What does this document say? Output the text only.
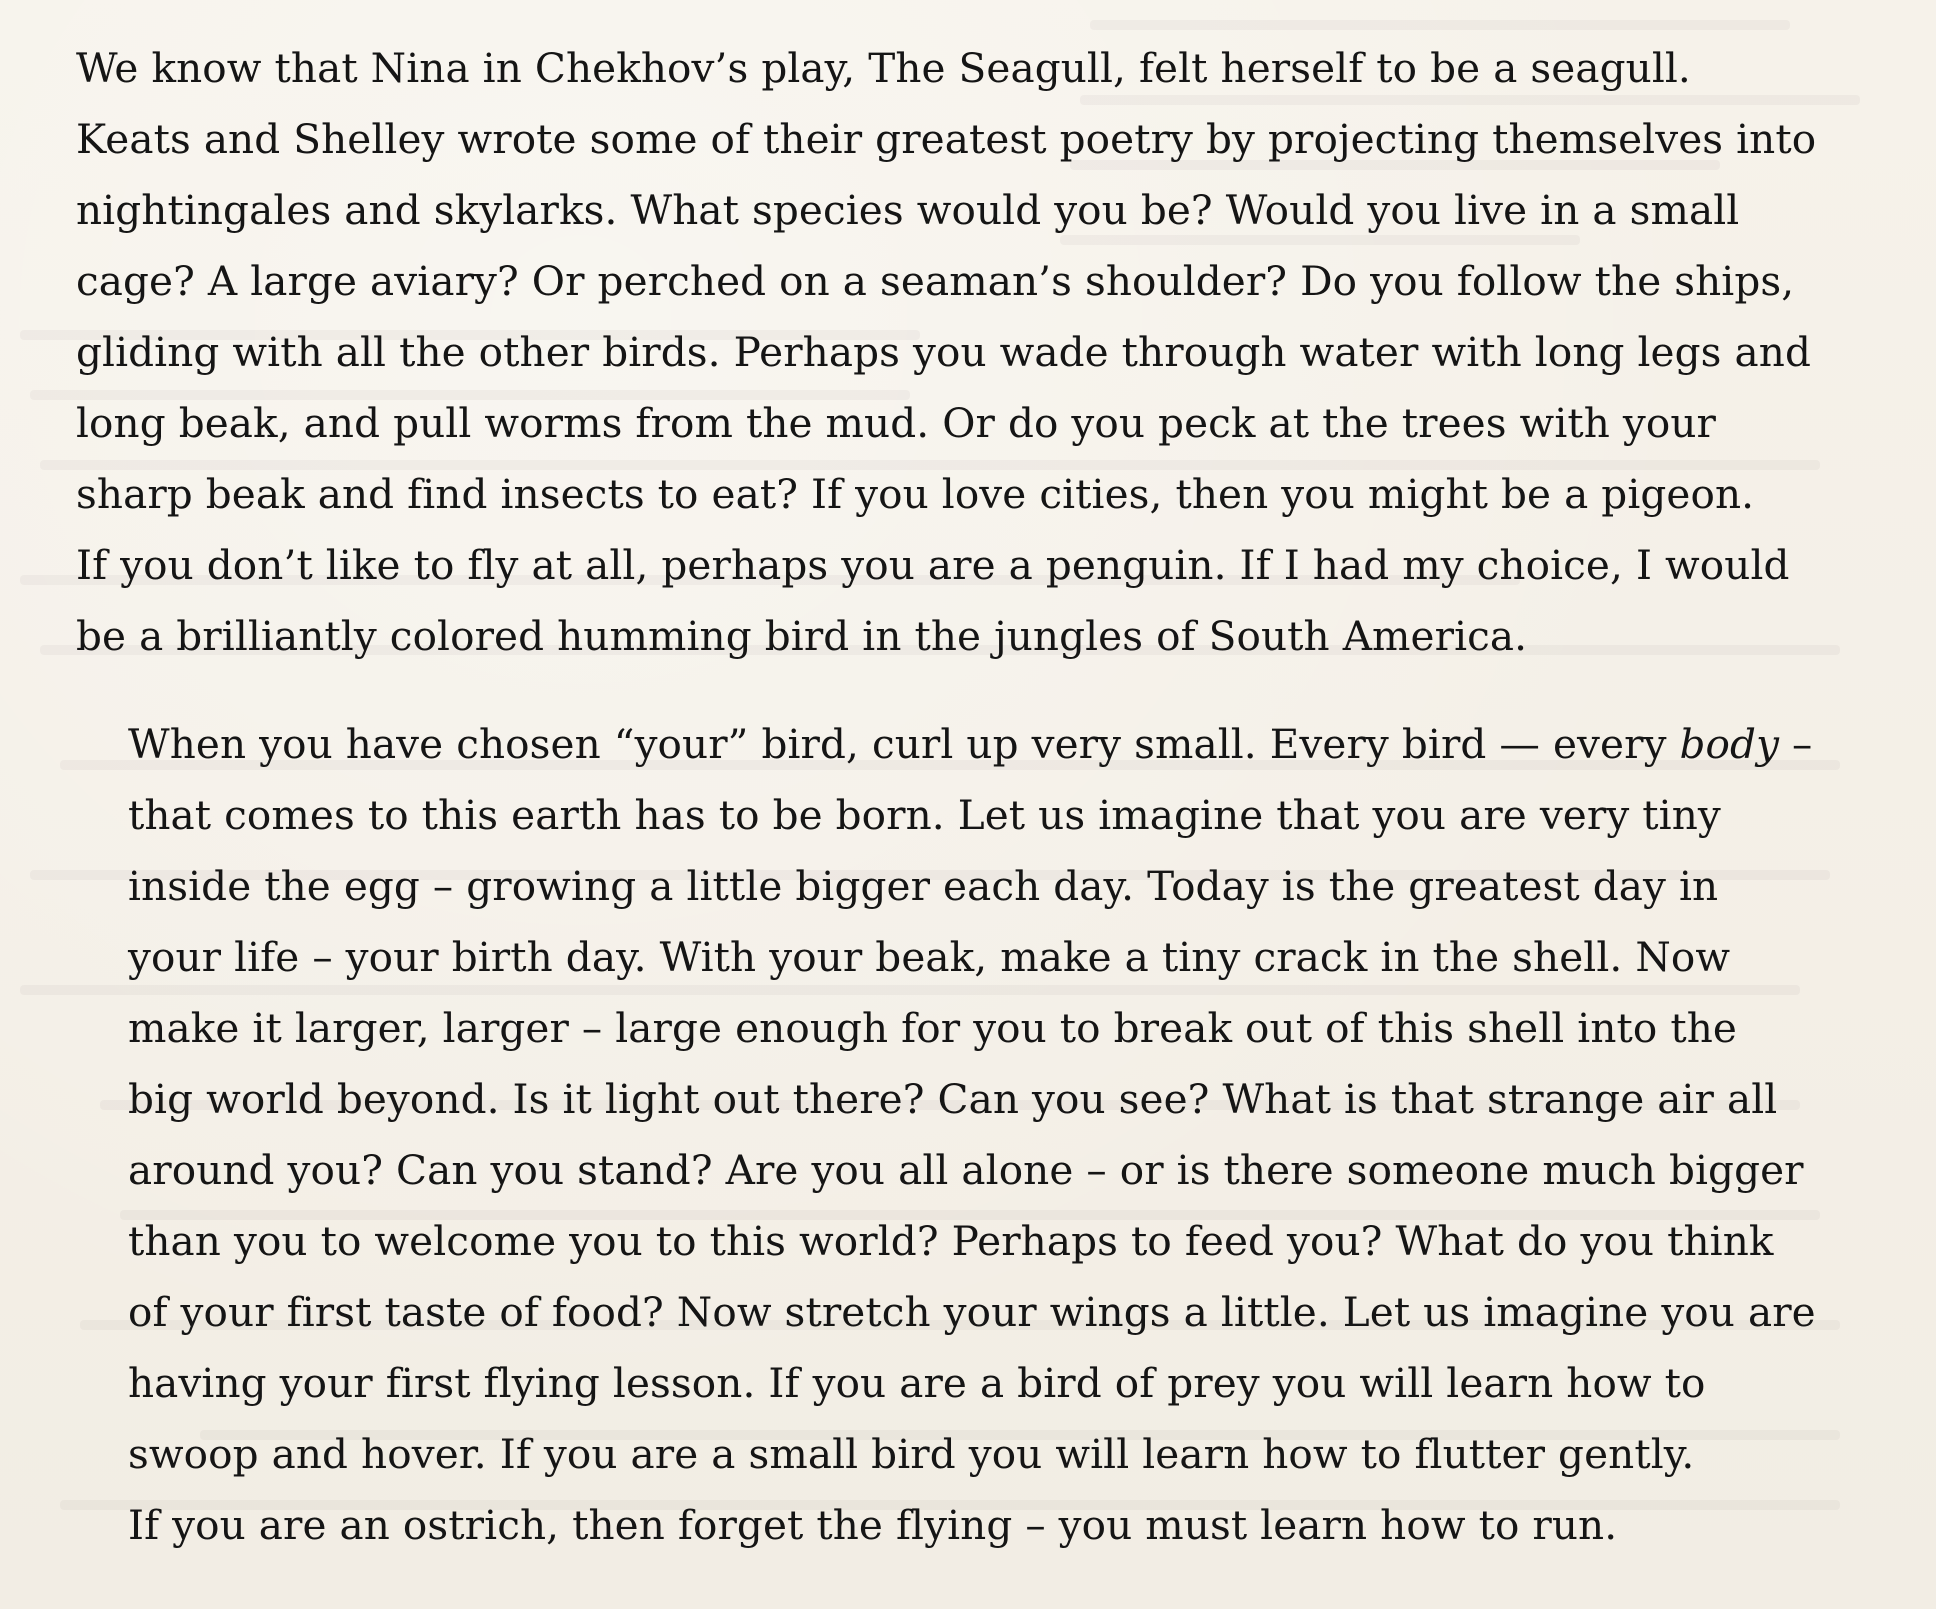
We know that Nina in Chekhov’s play, The Seagull, felt herself to be a seagull.
Keats and Shelley wrote some of their greatest poetry by projecting themselves into
nightingales and skylarks. What species would you be? Would you live in a small
cage? A large aviary? Or perched on a seaman’s shoulder? Do you follow the ships,
gliding with all the other birds. Perhaps you wade through water with long legs and
long beak, and pull worms from the mud. Or do you peck at the trees with your
sharp beak and find insects to eat? If you love cities, then you might be a pigeon.
If you don’t like to fly at all, perhaps you are a penguin. If I had my choice, I would
be a brilliantly colored humming bird in the jungles of South America.
When you have chosen “your” bird, curl up very small. Every bird — every body –
that comes to this earth has to be born. Let us imagine that you are very tiny
inside the egg – growing a little bigger each day. Today is the greatest day in
your life – your birth day. With your beak, make a tiny crack in the shell. Now
make it larger, larger – large enough for you to break out of this shell into the
big world beyond. Is it light out there? Can you see? What is that strange air all
around you? Can you stand? Are you all alone – or is there someone much bigger
than you to welcome you to this world? Perhaps to feed you? What do you think
of your first taste of food? Now stretch your wings a little. Let us imagine you are
having your first flying lesson. If you are a bird of prey you will learn how to
swoop and hover. If you are a small bird you will learn how to flutter gently.
If you are an ostrich, then forget the flying – you must learn how to run.
